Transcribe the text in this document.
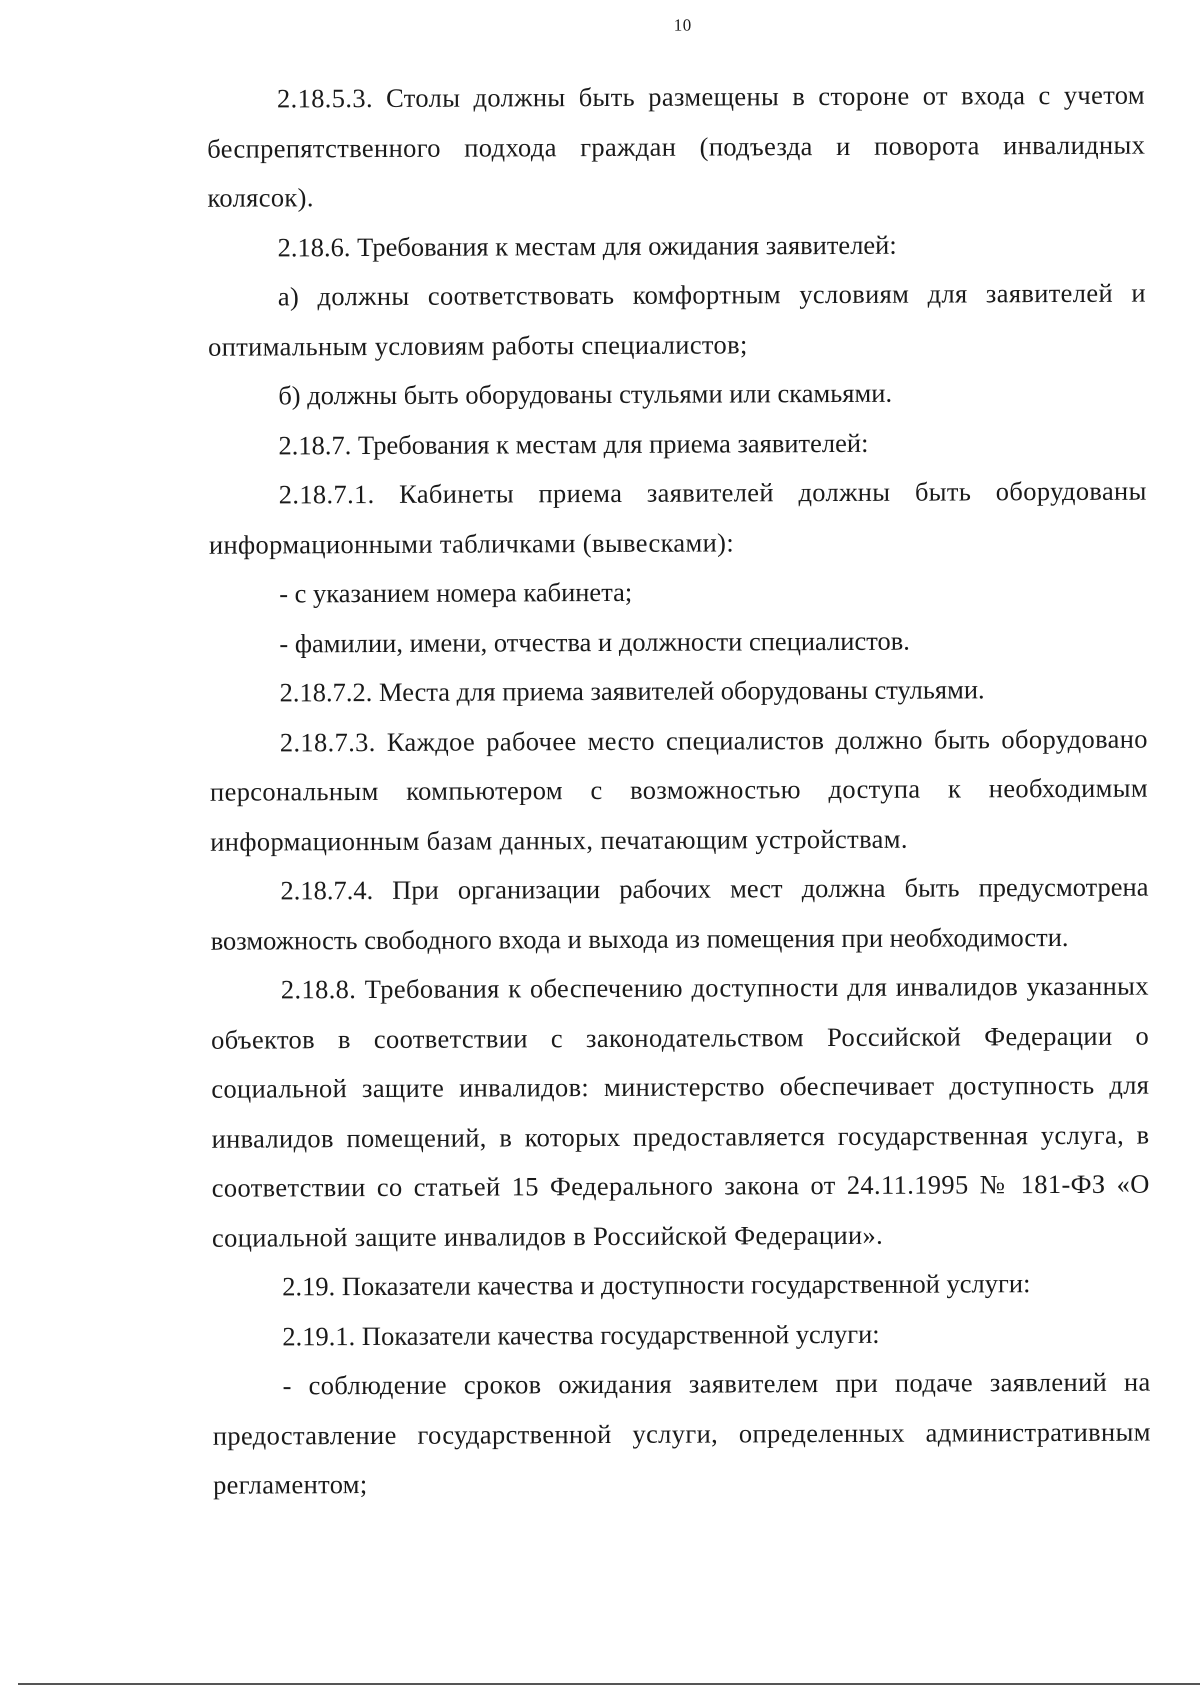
10

2.18.5.3. Столы должны быть размещены в стороне от входа с учетом беспрепятственного подхода граждан (подъезда и поворота инвалидных колясок).

2.18.6. Требования к местам для ожидания заявителей:

а) должны соответствовать комфортным условиям для заявителей и оптимальным условиям работы специалистов;

б) должны быть оборудованы стульями или скамьями.

2.18.7. Требования к местам для приема заявителей:

2.18.7.1. Кабинеты приема заявителей должны быть оборудованы информационными табличками (вывесками):

- с указанием номера кабинета;

- фамилии, имени, отчества и должности специалистов.

2.18.7.2. Места для приема заявителей оборудованы стульями.

2.18.7.3. Каждое рабочее место специалистов должно быть оборудовано персональным компьютером с возможностью доступа к необходимым информационным базам данных, печатающим устройствам.

2.18.7.4. При организации рабочих мест должна быть предусмотрена возможность свободного входа и выхода из помещения при необходимости.

2.18.8. Требования к обеспечению доступности для инвалидов указанных объектов в соответствии с законодательством Российской Федерации о социальной защите инвалидов: министерство обеспечивает доступность для инвалидов помещений, в которых предоставляется государственная услуга, в соответствии со статьей 15 Федерального закона от 24.11.1995 № 181-ФЗ «О социальной защите инвалидов в Российской Федерации».

2.19. Показатели качества и доступности государственной услуги:

2.19.1. Показатели качества государственной услуги:

- соблюдение сроков ожидания заявителем при подаче заявлений на предоставление государственной услуги, определенных административным регламентом;
